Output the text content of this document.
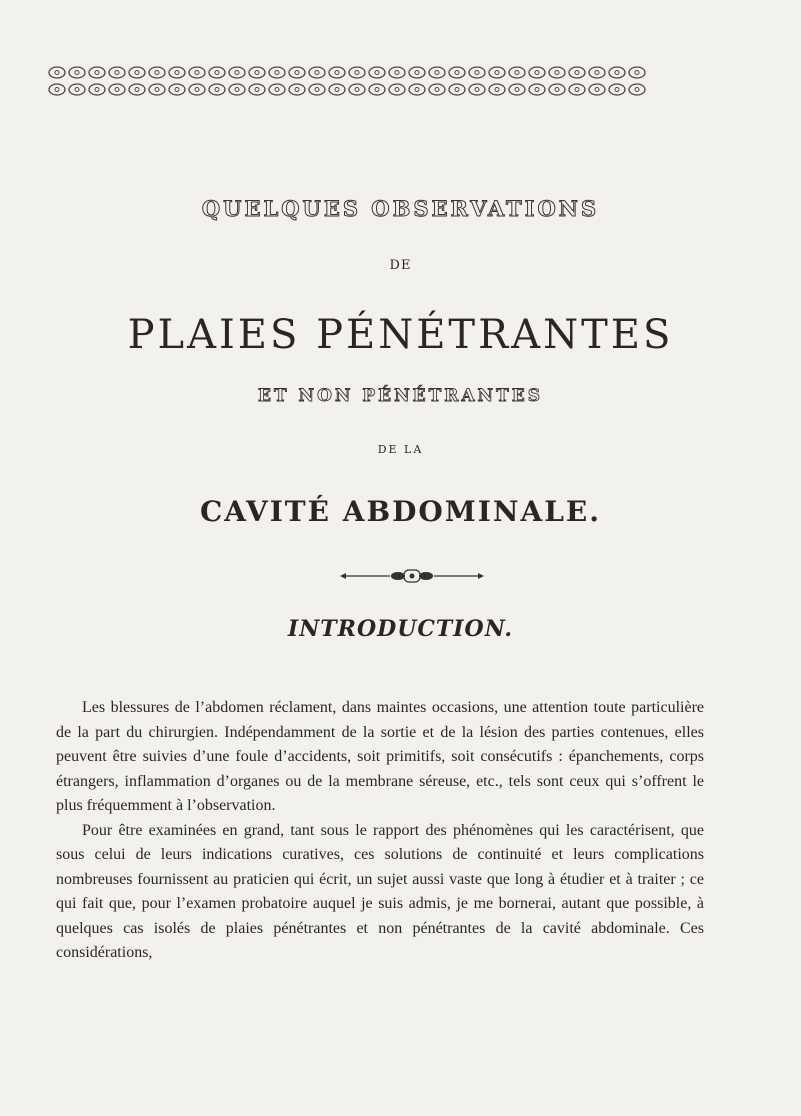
QUELQUES OBSERVATIONS
DE
PLAIES PÉNÉTRANTES
ET NON PÉNÉTRANTES
DE LA
CAVITÉ ABDOMINALE.
INTRODUCTION.

Les blessures de l’abdomen réclament, dans maintes occasions, une attention toute particulière de la part du chirurgien. Indépendamment de la sortie et de la lésion des parties contenues, elles peuvent être suivies d’une foule d’accidents, soit primitifs, soit consécutifs : épanchements, corps étrangers, inflammation d’organes ou de la membrane séreuse, etc., tels sont ceux qui s’offrent le plus fréquemment à l’observation.

Pour être examinées en grand, tant sous le rapport des phénomènes qui les caractérisent, que sous celui de leurs indications curatives, ces solutions de continuité et leurs complications nombreuses fournissent au praticien qui écrit, un sujet aussi vaste que long à étudier et à traiter ; ce qui fait que, pour l’examen probatoire auquel je suis admis, je me bornerai, autant que possible, à quelques cas isolés de plaies pénétrantes et non pénétrantes de la cavité abdominale. Ces considérations,
